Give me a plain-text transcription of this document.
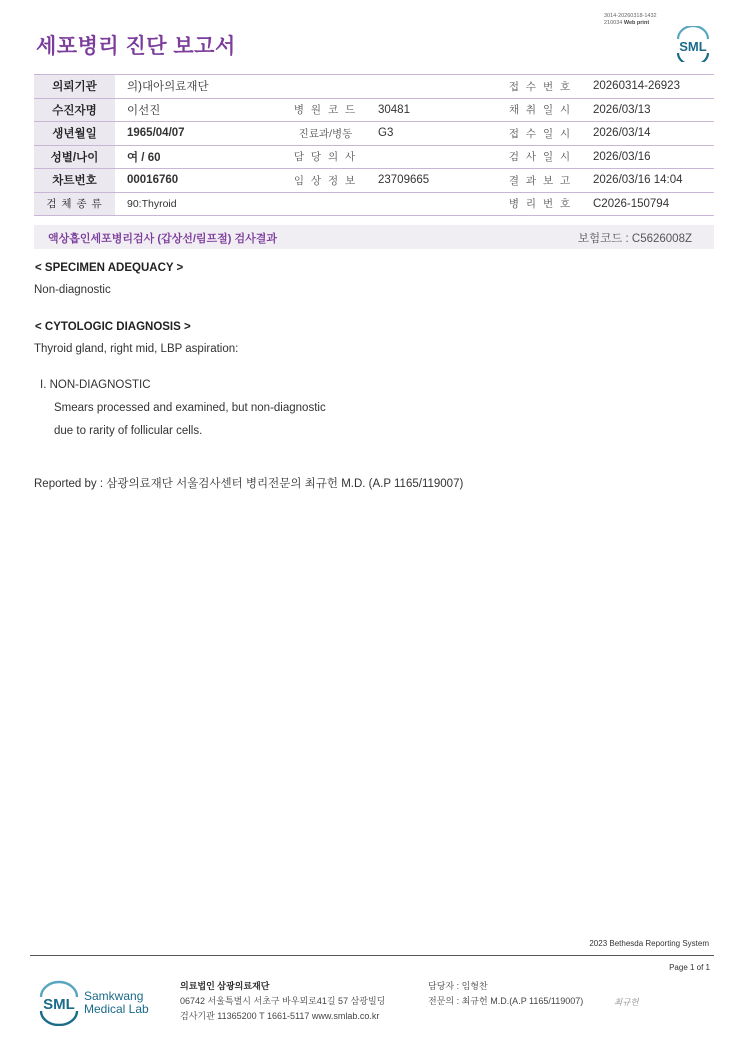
3014-20260318-1432
210034 Web print
세포병리 진단 보고서	SML
의뢰기관	의)대아의료재단			접 수 번 호	20260314-26923
수진자명	이선진	병 원 코 드	30481	채 취 일 시	2026/03/13
생년월일	1965/04/07	진료과/병동	G3	접 수 일 시	2026/03/14
성별/나이	여 / 60	담 당 의 사		검 사 일 시	2026/03/16
차트번호	00016760	임 상 정 보	23709665	결 과 보 고	2026/03/16 14:04
검 체 종 류	90:Thyroid			병 리 번 호	C2026-150794
액상흡인세포병리검사 (갑상선/림프절) 검사결과	보험코드 : C5626008Z
< SPECIMEN ADEQUACY >
Non-diagnostic
< CYTOLOGIC DIAGNOSIS >
Thyroid gland, right mid, LBP aspiration:
I. NON-DIAGNOSTIC
Smears processed and examined, but non-diagnostic
due to rarity of follicular cells.
Reported by : 삼광의료재단 서울검사센터 병리전문의 최규헌 M.D. (A.P 1165/119007)
2023 Bethesda Reporting System
Page 1 of 1
SML Samkwang
Medical Lab
의료법인 삼광의료재단
06742 서울특별시 서초구 바우뫼로41길 57 삼광빌딩
검사기관 11365200 T 1661-5117 www.smlab.co.kr
담당자 : 임형찬
전문의 : 최규헌 M.D.(A.P 1165/119007)	최규헌
